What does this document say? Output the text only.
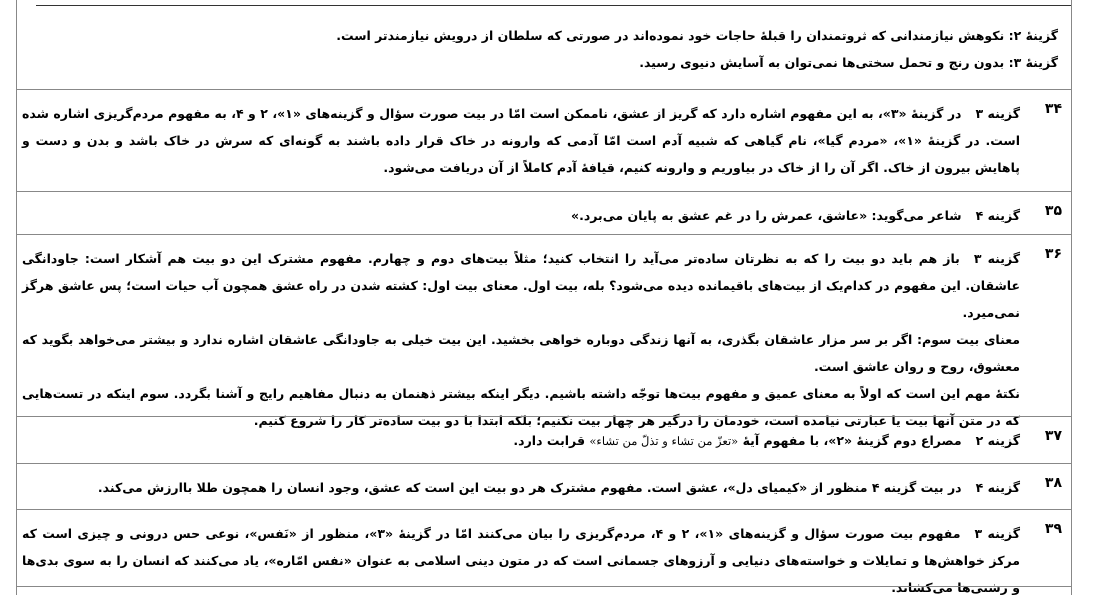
گزینهٔ ۲: نکوهش نیازمندانی که ثروتمندان را قبلهٔ حاجات خود نموده‌اند در صورتی که سلطان از درویش نیازمندتر است.

گزینهٔ ۳: بدون رنج و تحمل سختی‌ها نمی‌توان به آسایش دنیوی رسید.

۳۴

گزینه ۳در گزینهٔ «۳»، به این مفهوم اشاره دارد که گریز از عشق، ناممکن است امّا در بیت صورت سؤال و گزینه‌های «۱»، ۲ و ۴، به مفهوم مردم‌گریزی اشاره شده است. در گزینهٔ «۱»، «مردم گیا»، نام گیاهی که شبیه آدم است امّا آدمی که وارونه در خاک قرار داده باشند به گونه‌ای که سرش در خاک باشد و بدن و دست و پاهایش بیرون از خاک. اگر آن را از خاک در بیاوریم و وارونه کنیم، قیافهٔ آدم کاملاً از آن دریافت می‌شود.

۳۵

گزینه ۴شاعر می‌گوید: «عاشق، عمرش را در غم عشق به پایان می‌برد.»

۳۶

گزینه ۳باز هم باید دو بیت را که به نظرتان ساده‌تر می‌آید را انتخاب کنید؛ مثلاً بیت‌های دوم و چهارم. مفهوم مشترک این دو بیت هم آشکار است: جاودانگی عاشقان. این مفهوم در کدام‌یک از بیت‌های باقیمانده دیده می‌شود؟ بله، بیت اول. معنای بیت اول: کشته شدن در راه عشق همچون آب حیات است؛ پس عاشق هرگز نمی‌میرد.

معنای بیت سوم: اگر بر سر مزار عاشقان بگذری، به آنها زندگی دوباره خواهی بخشید. این بیت خیلی به جاودانگی عاشقان اشاره ندارد و بیشتر می‌خواهد بگوید که معشوق، روح و روان عاشق است.

نکتهٔ مهم این است که اولاً به معنای عمیق و مفهوم بیت‌ها توجّه داشته باشیم. دیگر اینکه بیشتر ذهنمان به دنبال مفاهیم رایج و آشنا بگردد. سوم اینکه در تست‌هایی که در متن آنها بیت یا عبارتی نیامده است، خودمان را درگیر هر چهار بیت نکنیم؛ بلکه ابتدا با دو بیت ساده‌تر کار را شروع کنیم.

۳۷

گزینه ۲مصراع دوم گزینهٔ «۲»، با مفهوم آیهٔ «تعزّ من تشاء و تذلّ من تشاء» قرابت دارد.

۳۸

گزینه ۴در بیت گزینه ۴ منظور از «کیمیای دل»، عشق است. مفهوم مشترک هر دو بیت این است که عشق، وجود انسان را همچون طلا باارزش می‌کند.

۳۹

گزینه ۳مفهوم بیت صورت سؤال و گزینه‌های «۱»، ۲ و ۴، مردم‌گریزی را بیان می‌کنند امّا در گزینهٔ «۳»، منظور از «نَفس»، نوعی حس درونی و چیزی است که مرکز خواهش‌ها و تمایلات و خواسته‌های دنیایی و آرزوهای جسمانی است که در متون دینی اسلامی به عنوان «نفس امّاره»، یاد می‌کنند که انسان را به سوی بدی‌ها و زشتی‌ها می‌کشاند.
